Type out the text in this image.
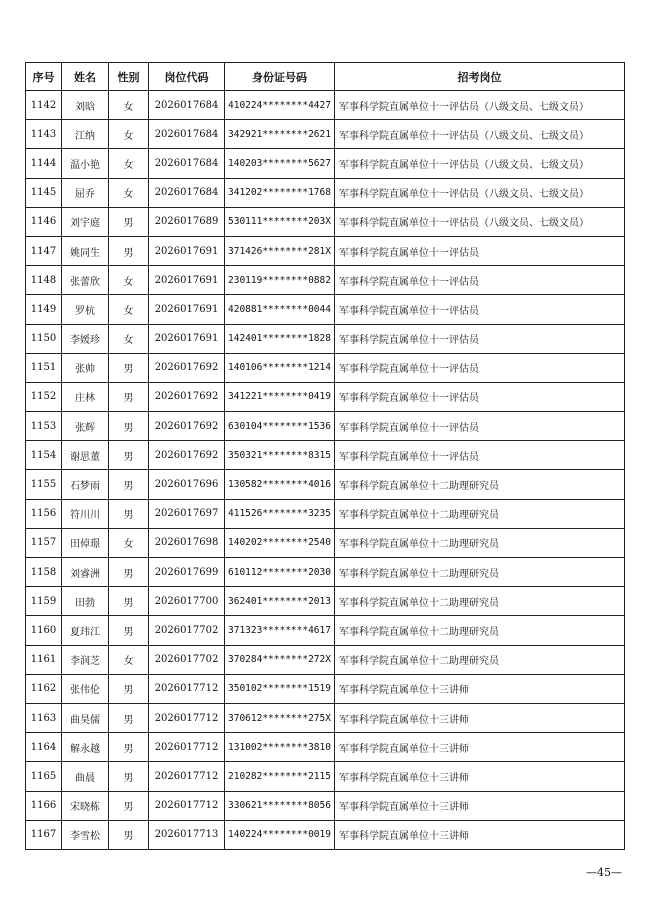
序号	姓名	性别	岗位代码	身份证号码	招考岗位
1142	刘晗	女	2026017684	410224********4427	军事科学院直属单位十一评估员（八级文员、七级文员）
1143	江纳	女	2026017684	342921********2621	军事科学院直属单位十一评估员（八级文员、七级文员）
1144	温小艳	女	2026017684	140203********5627	军事科学院直属单位十一评估员（八级文员、七级文员）
1145	屈乔	女	2026017684	341202********1768	军事科学院直属单位十一评估员（八级文员、七级文员）
1146	刘宇庭	男	2026017689	530111********203X	军事科学院直属单位十一评估员（八级文员、七级文员）
1147	姚同生	男	2026017691	371426********281X	军事科学院直属单位十一评估员
1148	张蕾欣	女	2026017691	230119********0882	军事科学院直属单位十一评估员
1149	罗杭	女	2026017691	420881********0044	军事科学院直属单位十一评估员
1150	李媛珍	女	2026017691	142401********1828	军事科学院直属单位十一评估员
1151	张帅	男	2026017692	140106********1214	军事科学院直属单位十一评估员
1152	庄林	男	2026017692	341221********0419	军事科学院直属单位十一评估员
1153	张辉	男	2026017692	630104********1536	军事科学院直属单位十一评估员
1154	谢思董	男	2026017692	350321********8315	军事科学院直属单位十一评估员
1155	石梦雨	男	2026017696	130582********4016	军事科学院直属单位十二助理研究员
1156	符川川	男	2026017697	411526********3235	军事科学院直属单位十二助理研究员
1157	田倬璟	女	2026017698	140202********2540	军事科学院直属单位十二助理研究员
1158	刘睿洲	男	2026017699	610112********2030	军事科学院直属单位十二助理研究员
1159	田勃	男	2026017700	362401********2013	军事科学院直属单位十二助理研究员
1160	夏玮江	男	2026017702	371323********4617	军事科学院直属单位十二助理研究员
1161	李润芝	女	2026017702	370284********272X	军事科学院直属单位十二助理研究员
1162	张伟伦	男	2026017712	350102********1519	军事科学院直属单位十三讲师
1163	曲昊儒	男	2026017712	370612********275X	军事科学院直属单位十三讲师
1164	解永越	男	2026017712	131002********3810	军事科学院直属单位十三讲师
1165	曲晨	男	2026017712	210282********2115	军事科学院直属单位十三讲师
1166	宋晓栋	男	2026017712	330621********8056	军事科学院直属单位十三讲师
1167	李雪松	男	2026017713	140224********0019	军事科学院直属单位十三讲师
—45—
